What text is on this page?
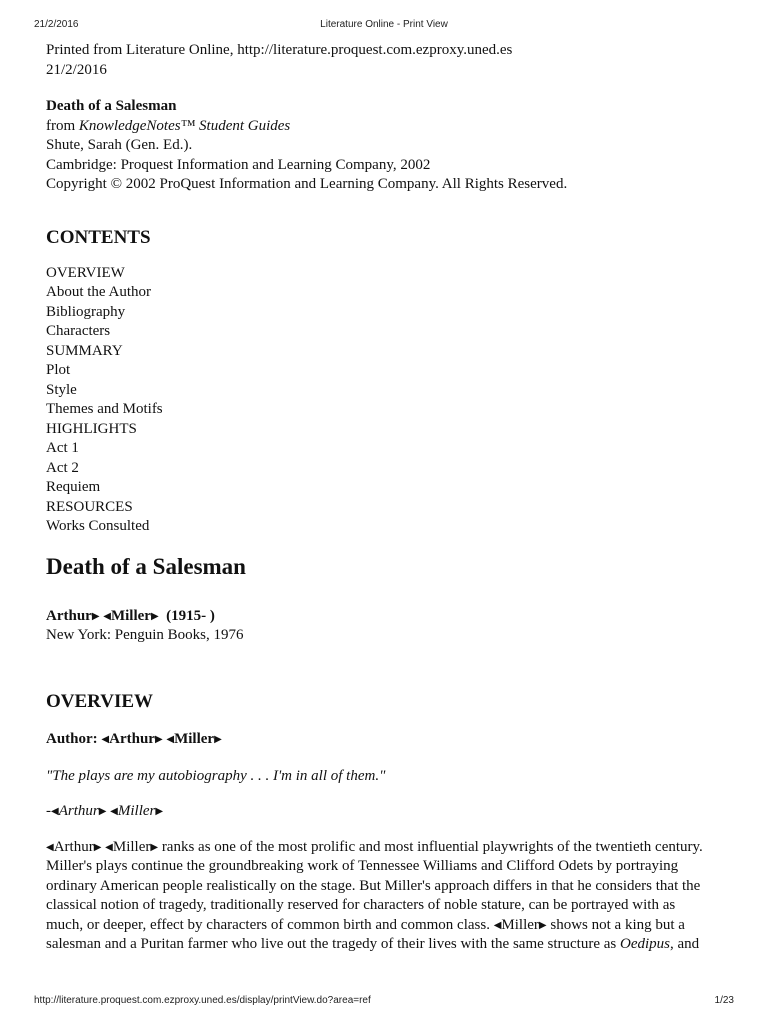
21/2/2016	Literature Online - Print View
Printed from Literature Online, http://literature.proquest.com.ezproxy.uned.es
21/2/2016
Death of a Salesman
from KnowledgeNotes™ Student Guides
Shute, Sarah (Gen. Ed.).
Cambridge: Proquest Information and Learning Company, 2002
Copyright © 2002 ProQuest Information and Learning Company. All Rights Reserved.
CONTENTS
OVERVIEW
About the Author
Bibliography
Characters
SUMMARY
Plot
Style
Themes and Motifs
HIGHLIGHTS
Act 1
Act 2
Requiem
RESOURCES
Works Consulted
Death of a Salesman
Arthur▶ ◀Miller▶ (1915- )
New York: Penguin Books, 1976
OVERVIEW
Author: ◀Arthur▶ ◀Miller▶
"The plays are my autobiography . . . I'm in all of them."
-◀Arthur▶ ◀Miller▶
◀Arthur▶ ◀Miller▶ ranks as one of the most prolific and most influential playwrights of the twentieth century.
Miller's plays continue the groundbreaking work of Tennessee Williams and Clifford Odets by portraying
ordinary American people realistically on the stage. But Miller's approach differs in that he considers that the
classical notion of tragedy, traditionally reserved for characters of noble stature, can be portrayed with as
much, or deeper, effect by characters of common birth and common class. ◀Miller▶ shows not a king but a
salesman and a Puritan farmer who live out the tragedy of their lives with the same structure as Oedipus, and
http://literature.proquest.com.ezproxy.uned.es/display/printView.do?area=ref	1/23
